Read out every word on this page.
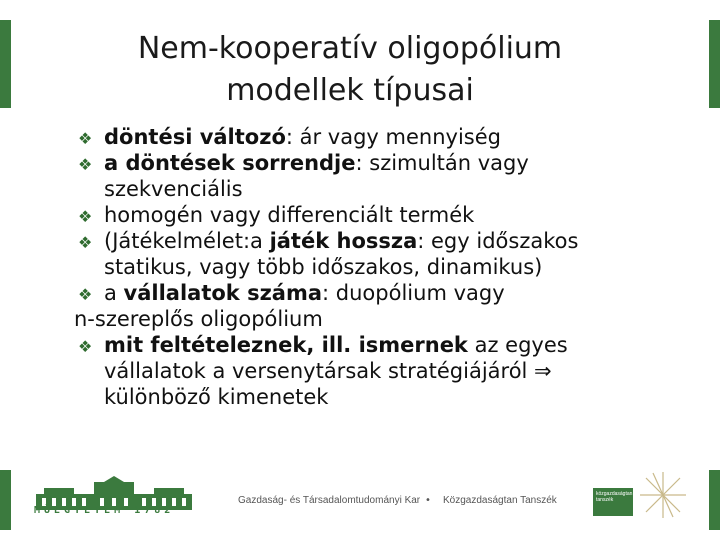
Nem-kooperatív oligopólium
modellek típusai
❖ döntési változó: ár vagy mennyiség
❖ a döntések sorrendje: szimultán vagy
szekvenciális
❖ homogén vagy differenciált termék
❖ (Játékelmélet:a játék hossza: egy időszakos
statikus, vagy több időszakos, dinamikus)
❖ a vállalatok száma: duopólium vagy
n-szereplős oligopólium
❖ mit feltételeznek, ill. ismernek az egyes
vállalatok a versenytársak stratégiájáról ⇒
különböző kimenetek
MŰEGYETEM 1782
Gazdaság- és Társadalomtudományi Kar • Közgazdaságtan Tanszék
közgazdaságtan tanszék
